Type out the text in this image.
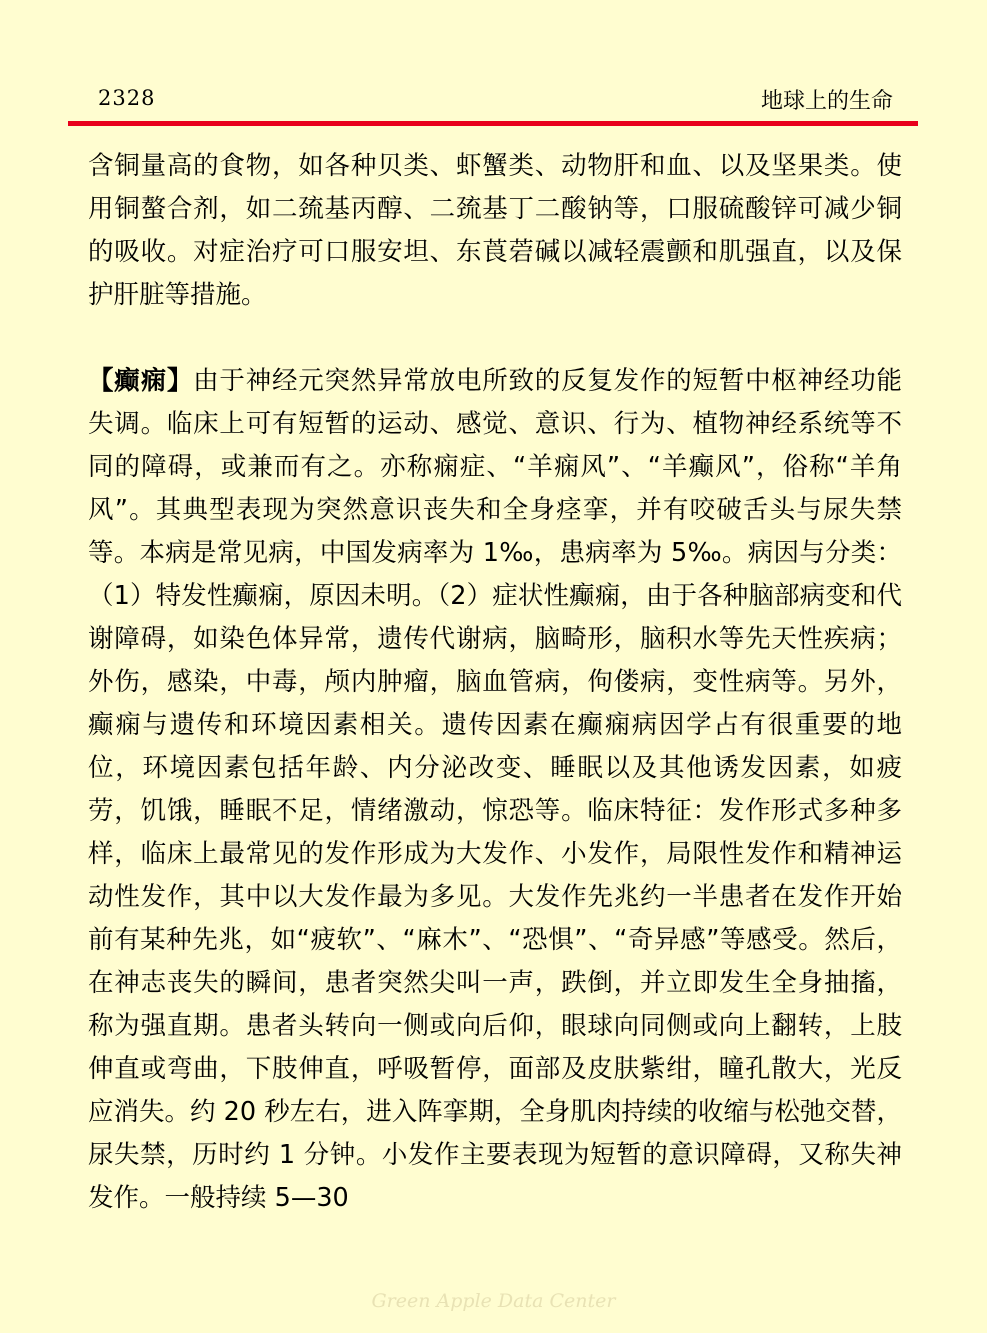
2328	地球上的生命

含铜量高的食物，如各种贝类、虾蟹类、动物肝和血、以及坚果类。使用铜螯合剂，如二巯基丙醇、二巯基丁二酸钠等，口服硫酸锌可减少铜的吸收。对症治疗可口服安坦、东莨菪碱以减轻震颤和肌强直，以及保护肝脏等措施。

【癫痫】由于神经元突然异常放电所致的反复发作的短暂中枢神经功能失调。临床上可有短暂的运动、感觉、意识、行为、植物神经系统等不同的障碍，或兼而有之。亦称痫症、“羊痫风”、“羊癫风”，俗称“羊角风”。其典型表现为突然意识丧失和全身痉挛，并有咬破舌头与尿失禁等。本病是常见病，中国发病率为 1‰，患病率为 5‰。病因与分类：（1）特发性癫痫，原因未明。（2）症状性癫痫，由于各种脑部病变和代谢障碍，如染色体异常，遗传代谢病，脑畸形，脑积水等先天性疾病；外伤，感染，中毒，颅内肿瘤，脑血管病，佝偻病，变性病等。另外，癫痫与遗传和环境因素相关。遗传因素在癫痫病因学占有很重要的地位，环境因素包括年龄、内分泌改变、睡眠以及其他诱发因素，如疲劳，饥饿，睡眠不足，情绪激动，惊恐等。临床特征：发作形式多种多样，临床上最常见的发作形成为大发作、小发作，局限性发作和精神运动性发作，其中以大发作最为多见。大发作先兆约一半患者在发作开始前有某种先兆，如“疲软”、“麻木”、“恐惧”、“奇异感”等感受。然后，在神志丧失的瞬间，患者突然尖叫一声，跌倒，并立即发生全身抽搐，称为强直期。患者头转向一侧或向后仰，眼球向同侧或向上翻转，上肢伸直或弯曲，下肢伸直，呼吸暂停，面部及皮肤紫绀，瞳孔散大，光反应消失。约 20 秒左右，进入阵挛期，全身肌肉持续的收缩与松弛交替，尿失禁，历时约 1 分钟。小发作主要表现为短暂的意识障碍，又称失神发作。一般持续 5—30

Green Apple Data Center
